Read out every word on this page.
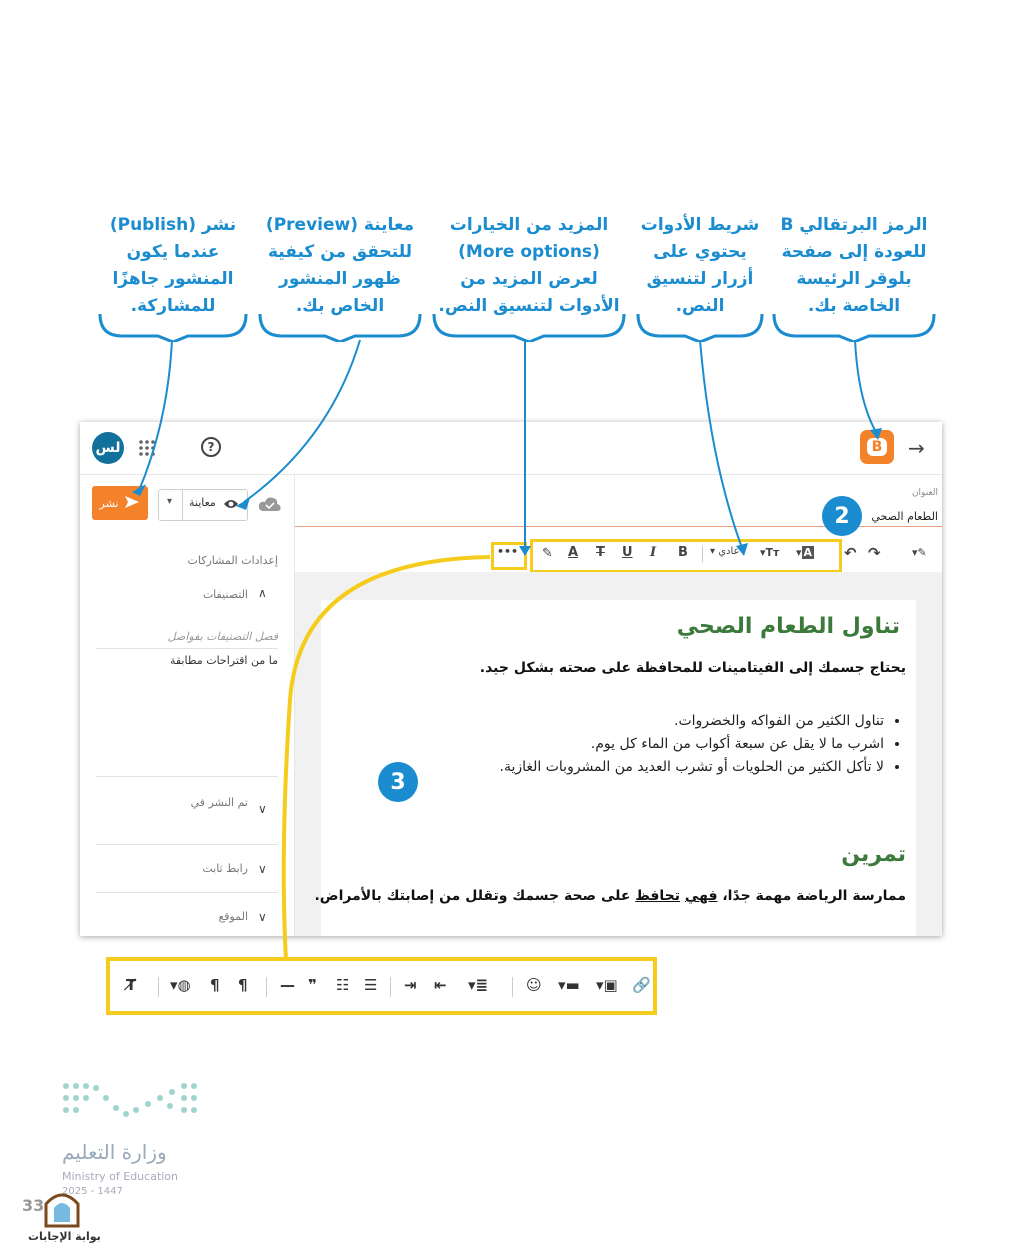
نشر (Publish)
عندما يكون
المنشور جاهزًا
للمشاركة.
معاينة (Preview)
للتحقق من كيفية
ظهور المنشور
الخاص بك.
المزيد من الخيارات
(More options)
لعرض المزيد من
الأدوات لتنسيق النص.
شريط الأدوات
يحتوي على
أزرار لتنسيق
النص.
الرمز البرتقالي B
للعودة إلى صفحة
بلوقر الرئيسة
الخاصة بك.
لس	?	B →
نشر	▾ معاينة
العنوان
الطعام الصحي
إعدادات المشاركات
التصنيفات ∧
فصل التصنيفات بفواصل
ما من اقتراحات مطابقة
تم النشر في ∨
رابط ثابت ∨
الموقع ∨
••• ✎ A T U I B ▾ عادي ▾Tт ▾ A ↶ ↷	▾✎
تناول الطعام الصحي
يحتاج جسمك إلى الفيتامينات للمحافظة على صحته بشكل جيد.
• تناول الكثير من الفواكه والخضروات.
• اشرب ما لا يقل عن سبعة أكواب من الماء كل يوم.
• لا تأكل الكثير من الحلويات أو تشرب العديد من المشروبات الغازية.
تمرين
ممارسة الرياضة مهمة جدًا، فهي تحافظ على صحة جسمك وتقلل من إصابتك بالأمراض.
2
3
🔗
▾▣
▾▬
☺
▾≣
⇤
⇥
☰
☷
❞
—
¶
¶
▾◍
T̸
وزارة التعليم
Ministry of Education
2025 - 1447
33
بوابة الإجابات
